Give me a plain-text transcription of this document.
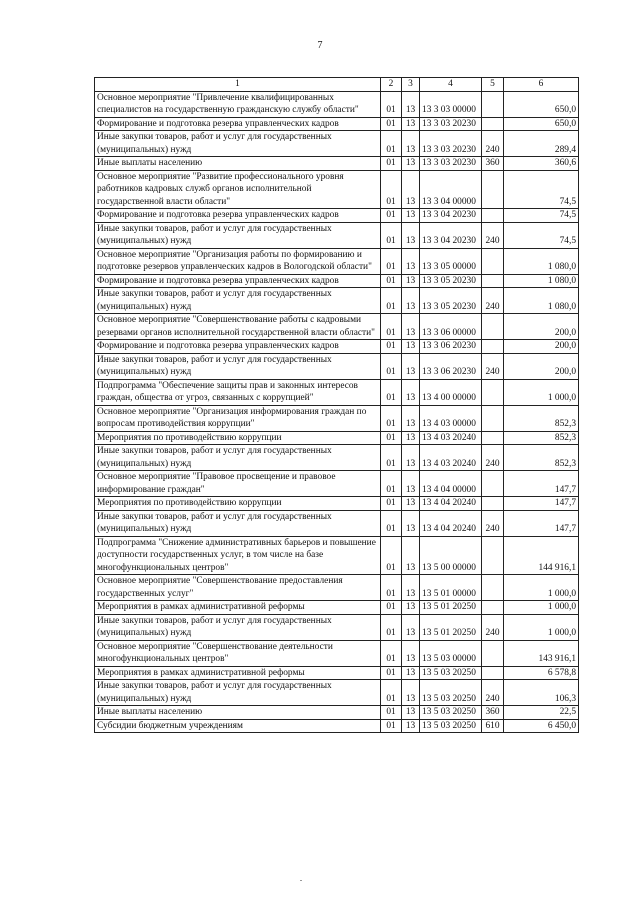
7
1	2	3	4	5	6
Основное мероприятие "Привлечение квалифицированных специалистов на государственную гражданскую службу области"	01	13	13 3 03 00000		650,0
Формирование и подготовка резерва управленческих кадров	01	13	13 3 03 20230		650,0
Иные закупки товаров, работ и услуг для государственных (муниципальных) нужд	01	13	13 3 03 20230	240	289,4
Иные выплаты населению	01	13	13 3 03 20230	360	360,6
Основное мероприятие "Развитие профессионального уровня работников кадровых служб органов исполнительной государственной власти области"	01	13	13 3 04 00000		74,5
Формирование и подготовка резерва управленческих кадров	01	13	13 3 04 20230		74,5
Иные закупки товаров, работ и услуг для государственных (муниципальных) нужд	01	13	13 3 04 20230	240	74,5
Основное мероприятие "Организация работы по формированию и подготовке резервов управленческих кадров в Вологодской области"	01	13	13 3 05 00000		1 080,0
Формирование и подготовка резерва управленческих кадров	01	13	13 3 05 20230		1 080,0
Иные закупки товаров, работ и услуг для государственных (муниципальных) нужд	01	13	13 3 05 20230	240	1 080,0
Основное мероприятие "Совершенствование работы с кадровыми резервами органов исполнительной государственной власти области"	01	13	13 3 06 00000		200,0
Формирование и подготовка резерва управленческих кадров	01	13	13 3 06 20230		200,0
Иные закупки товаров, работ и услуг для государственных (муниципальных) нужд	01	13	13 3 06 20230	240	200,0
Подпрограмма "Обеспечение защиты прав и законных интересов граждан, общества от угроз, связанных с коррупцией"	01	13	13 4 00 00000		1 000,0
Основное мероприятие "Организация информирования граждан по вопросам противодействия коррупции"	01	13	13 4 03 00000		852,3
Мероприятия по противодействию коррупции	01	13	13 4 03 20240		852,3
Иные закупки товаров, работ и услуг для государственных (муниципальных) нужд	01	13	13 4 03 20240	240	852,3
Основное мероприятие "Правовое просвещение и правовое информирование граждан"	01	13	13 4 04 00000		147,7
Мероприятия по противодействию коррупции	01	13	13 4 04 20240		147,7
Иные закупки товаров, работ и услуг для государственных (муниципальных) нужд	01	13	13 4 04 20240	240	147,7
Подпрограмма "Снижение административных барьеров и повышение доступности государственных услуг, в том числе на базе многофункциональных центров"	01	13	13 5 00 00000		144 916,1
Основное мероприятие "Совершенствование предоставления государственных услуг"	01	13	13 5 01 00000		1 000,0
Мероприятия в рамках административной реформы	01	13	13 5 01 20250		1 000,0
Иные закупки товаров, работ и услуг для государственных (муниципальных) нужд	01	13	13 5 01 20250	240	1 000,0
Основное мероприятие "Совершенствование деятельности многофункциональных центров"	01	13	13 5 03 00000		143 916,1
Мероприятия в рамках административной реформы	01	13	13 5 03 20250		6 578,8
Иные закупки товаров, работ и услуг для государственных (муниципальных) нужд	01	13	13 5 03 20250	240	106,3
Иные выплаты населению	01	13	13 5 03 20250	360	22,5
Субсидии бюджетным учреждениям	01	13	13 5 03 20250	610	6 450,0
